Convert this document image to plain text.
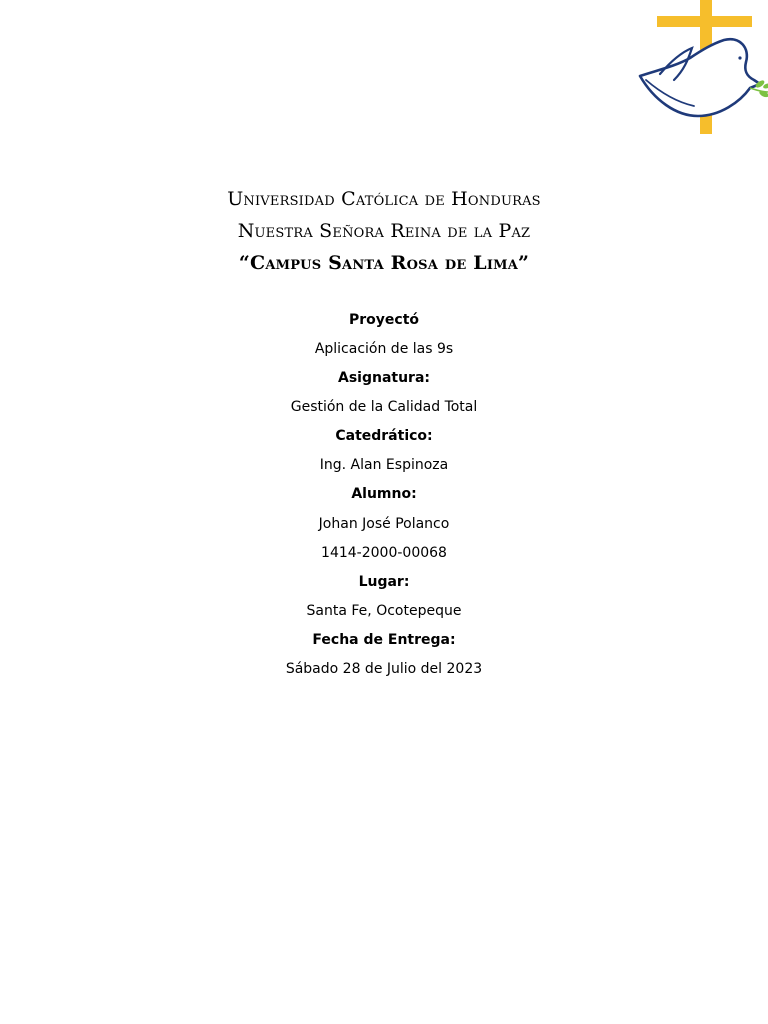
Universidad Católica de Honduras

Nuestra Señora Reina de la Paz

“Campus Santa Rosa de Lima”

Proyectó

Aplicación de las 9s

Asignatura:

Gestión de la Calidad Total

Catedrático:

Ing. Alan Espinoza

Alumno:

Johan José Polanco

1414-2000-00068

Lugar:

Santa Fe, Ocotepeque

Fecha de Entrega:

Sábado 28 de Julio del 2023
